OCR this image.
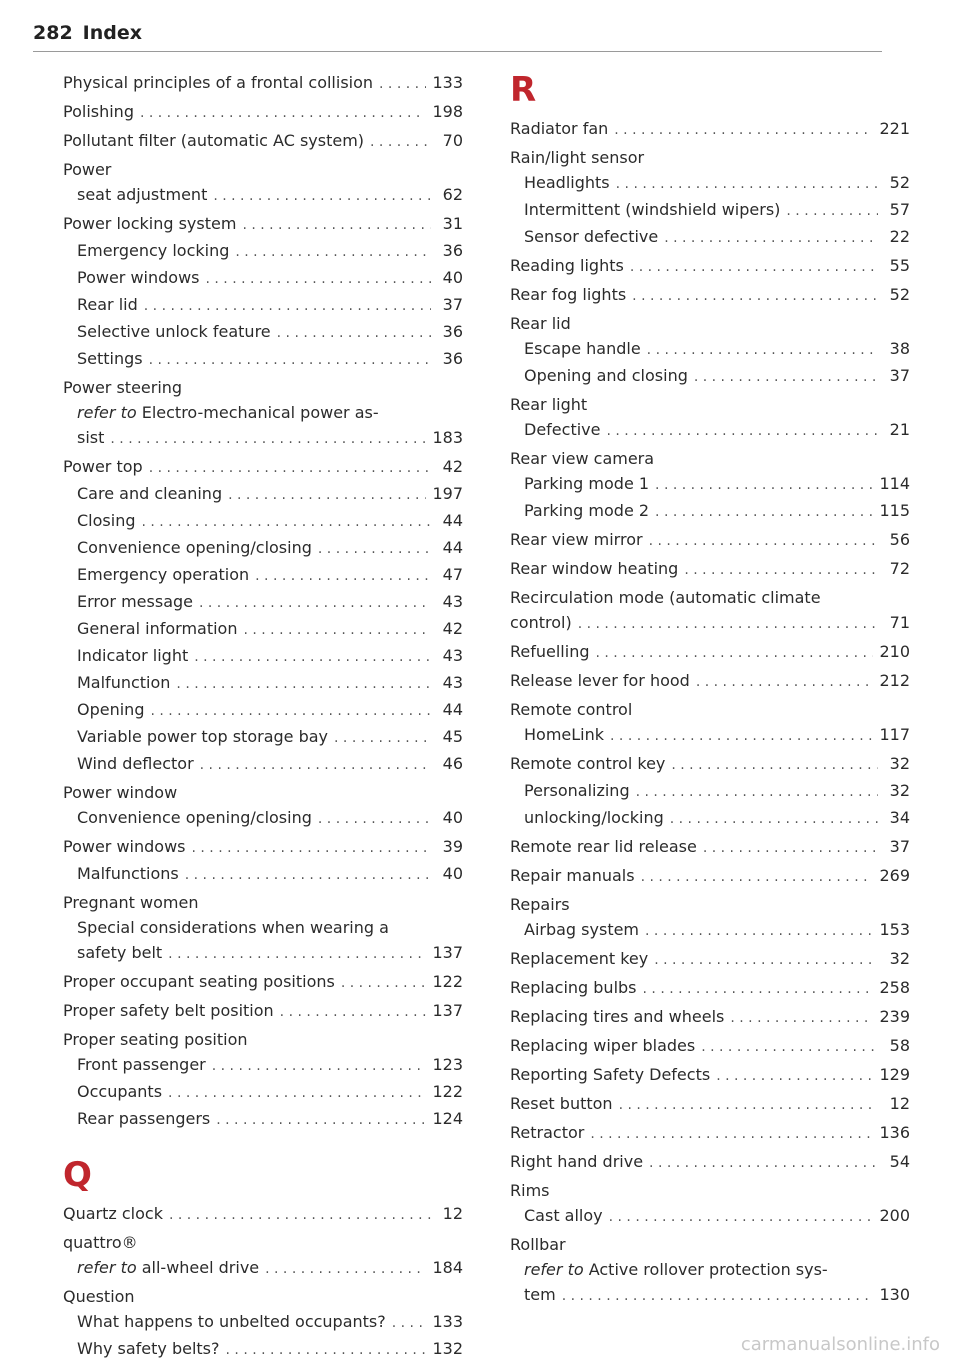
282 Index
Physical principles of a frontal collision . . .	133
Polishing . . .	198
Pollutant filter (automatic AC system) . . .	70
Power
seat adjustment . . .	62
Power locking system . . .	31
Emergency locking . . .	36
Power windows . . .	40
Rear lid . . .	37
Selective unlock feature . . .	36
Settings . . .	36
Power steering
refer to Electro-mechanical power as-
sist . . .	183
Power top . . .	42
Care and cleaning . . .	197
Closing . . .	44
Convenience opening/closing . . .	44
Emergency operation . . .	47
Error message . . .	43
General information . . .	42
Indicator light . . .	43
Malfunction . . .	43
Opening . . .	44
Variable power top storage bay . . .	45
Wind deflector . . .	46
Power window
Convenience opening/closing . . .	40
Power windows . . .	39
Malfunctions . . .	40
Pregnant women
Special considerations when wearing a
safety belt . . .	137
Proper occupant seating positions . . .	122
Proper safety belt position . . .	137
Proper seating position
Front passenger . . .	123
Occupants . . .	122
Rear passengers . . .	124
Q
Quartz clock . . .	12
quattro®
refer to all-wheel drive . . .	184
Question
What happens to unbelted occupants? . . .	133
Why safety belts? . . .	132
R
Radiator fan . . .	221
Rain/light sensor
Headlights . . .	52
Intermittent (windshield wipers) . . .	57
Sensor defective . . .	22
Reading lights . . .	55
Rear fog lights . . .	52
Rear lid
Escape handle . . .	38
Opening and closing . . .	37
Rear light
Defective . . .	21
Rear view camera
Parking mode 1 . . .	114
Parking mode 2 . . .	115
Rear view mirror . . .	56
Rear window heating . . .	72
Recirculation mode (automatic climate
control) . . .	71
Refuelling . . .	210
Release lever for hood . . .	212
Remote control
HomeLink . . .	117
Remote control key . . .	32
Personalizing . . .	32
unlocking/locking . . .	34
Remote rear lid release . . .	37
Repair manuals . . .	269
Repairs
Airbag system . . .	153
Replacement key . . .	32
Replacing bulbs . . .	258
Replacing tires and wheels . . .	239
Replacing wiper blades . . .	58
Reporting Safety Defects . . .	129
Reset button . . .	12
Retractor . . .	136
Right hand drive . . .	54
Rims
Cast alloy . . .	200
Rollbar
refer to Active rollover protection sys-
tem . . .	130
carmanualsonline.info
